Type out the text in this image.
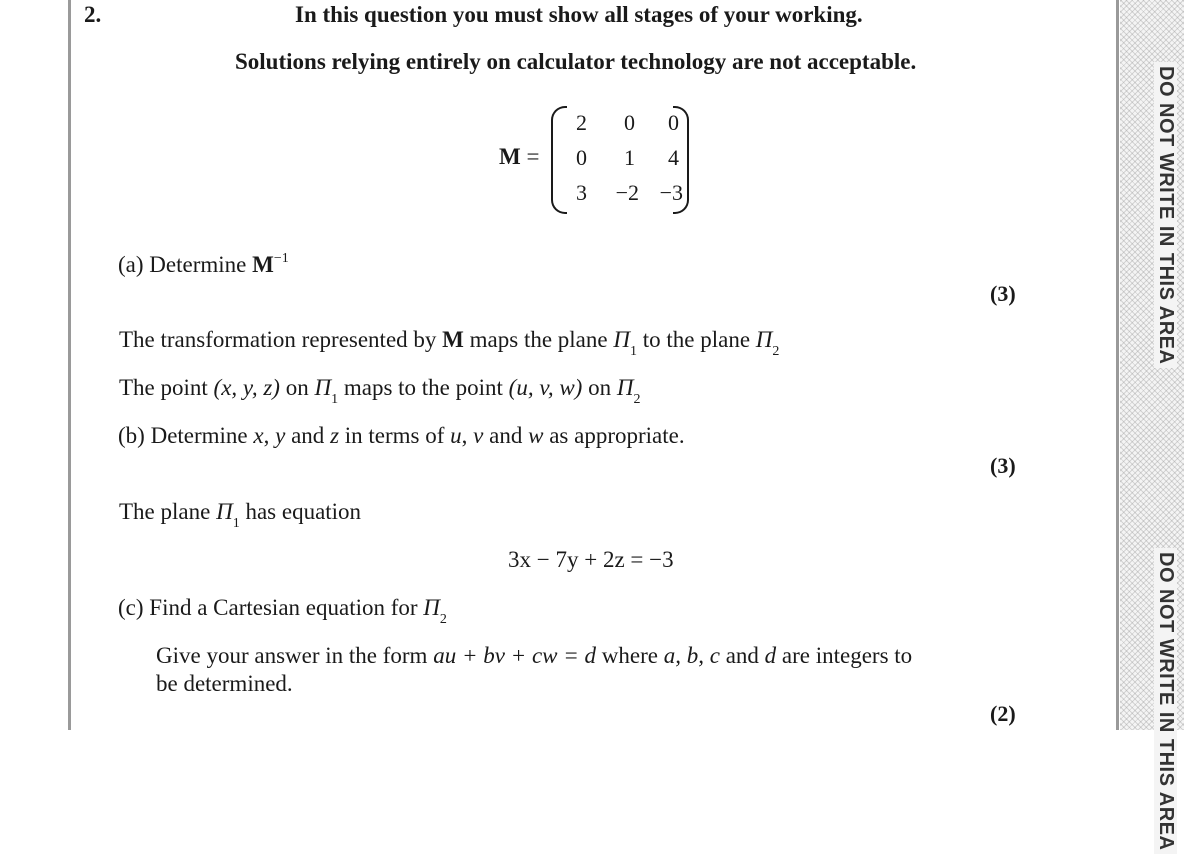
DO NOT WRITE IN THIS AREA
DO NOT WRITE IN THIS AREA
2.	In this question you must show all stages of your working.
Solutions relying entirely on calculator technology are not acceptable.
M =
2	0	0
0	1	4
3 −2 −3
(a) Determine $M^{-1}$
(3)
The transformation represented by M maps the plane $\Pi_1$ to the plane $\Pi_2$
The point (x, y, z) on $\Pi_1$ maps to the point (u, v, w) on $\Pi_2$
(b) Determine x, y and z in terms of u, v and w as appropriate.
(3)
The plane $\Pi_1$ has equation
3x − 7y + 2z = −3
(c) Find a Cartesian equation for $\Pi_2$
Give your answer in the form au + bv + cw = d where a, b, c and d are integers to
be determined.
(2)
